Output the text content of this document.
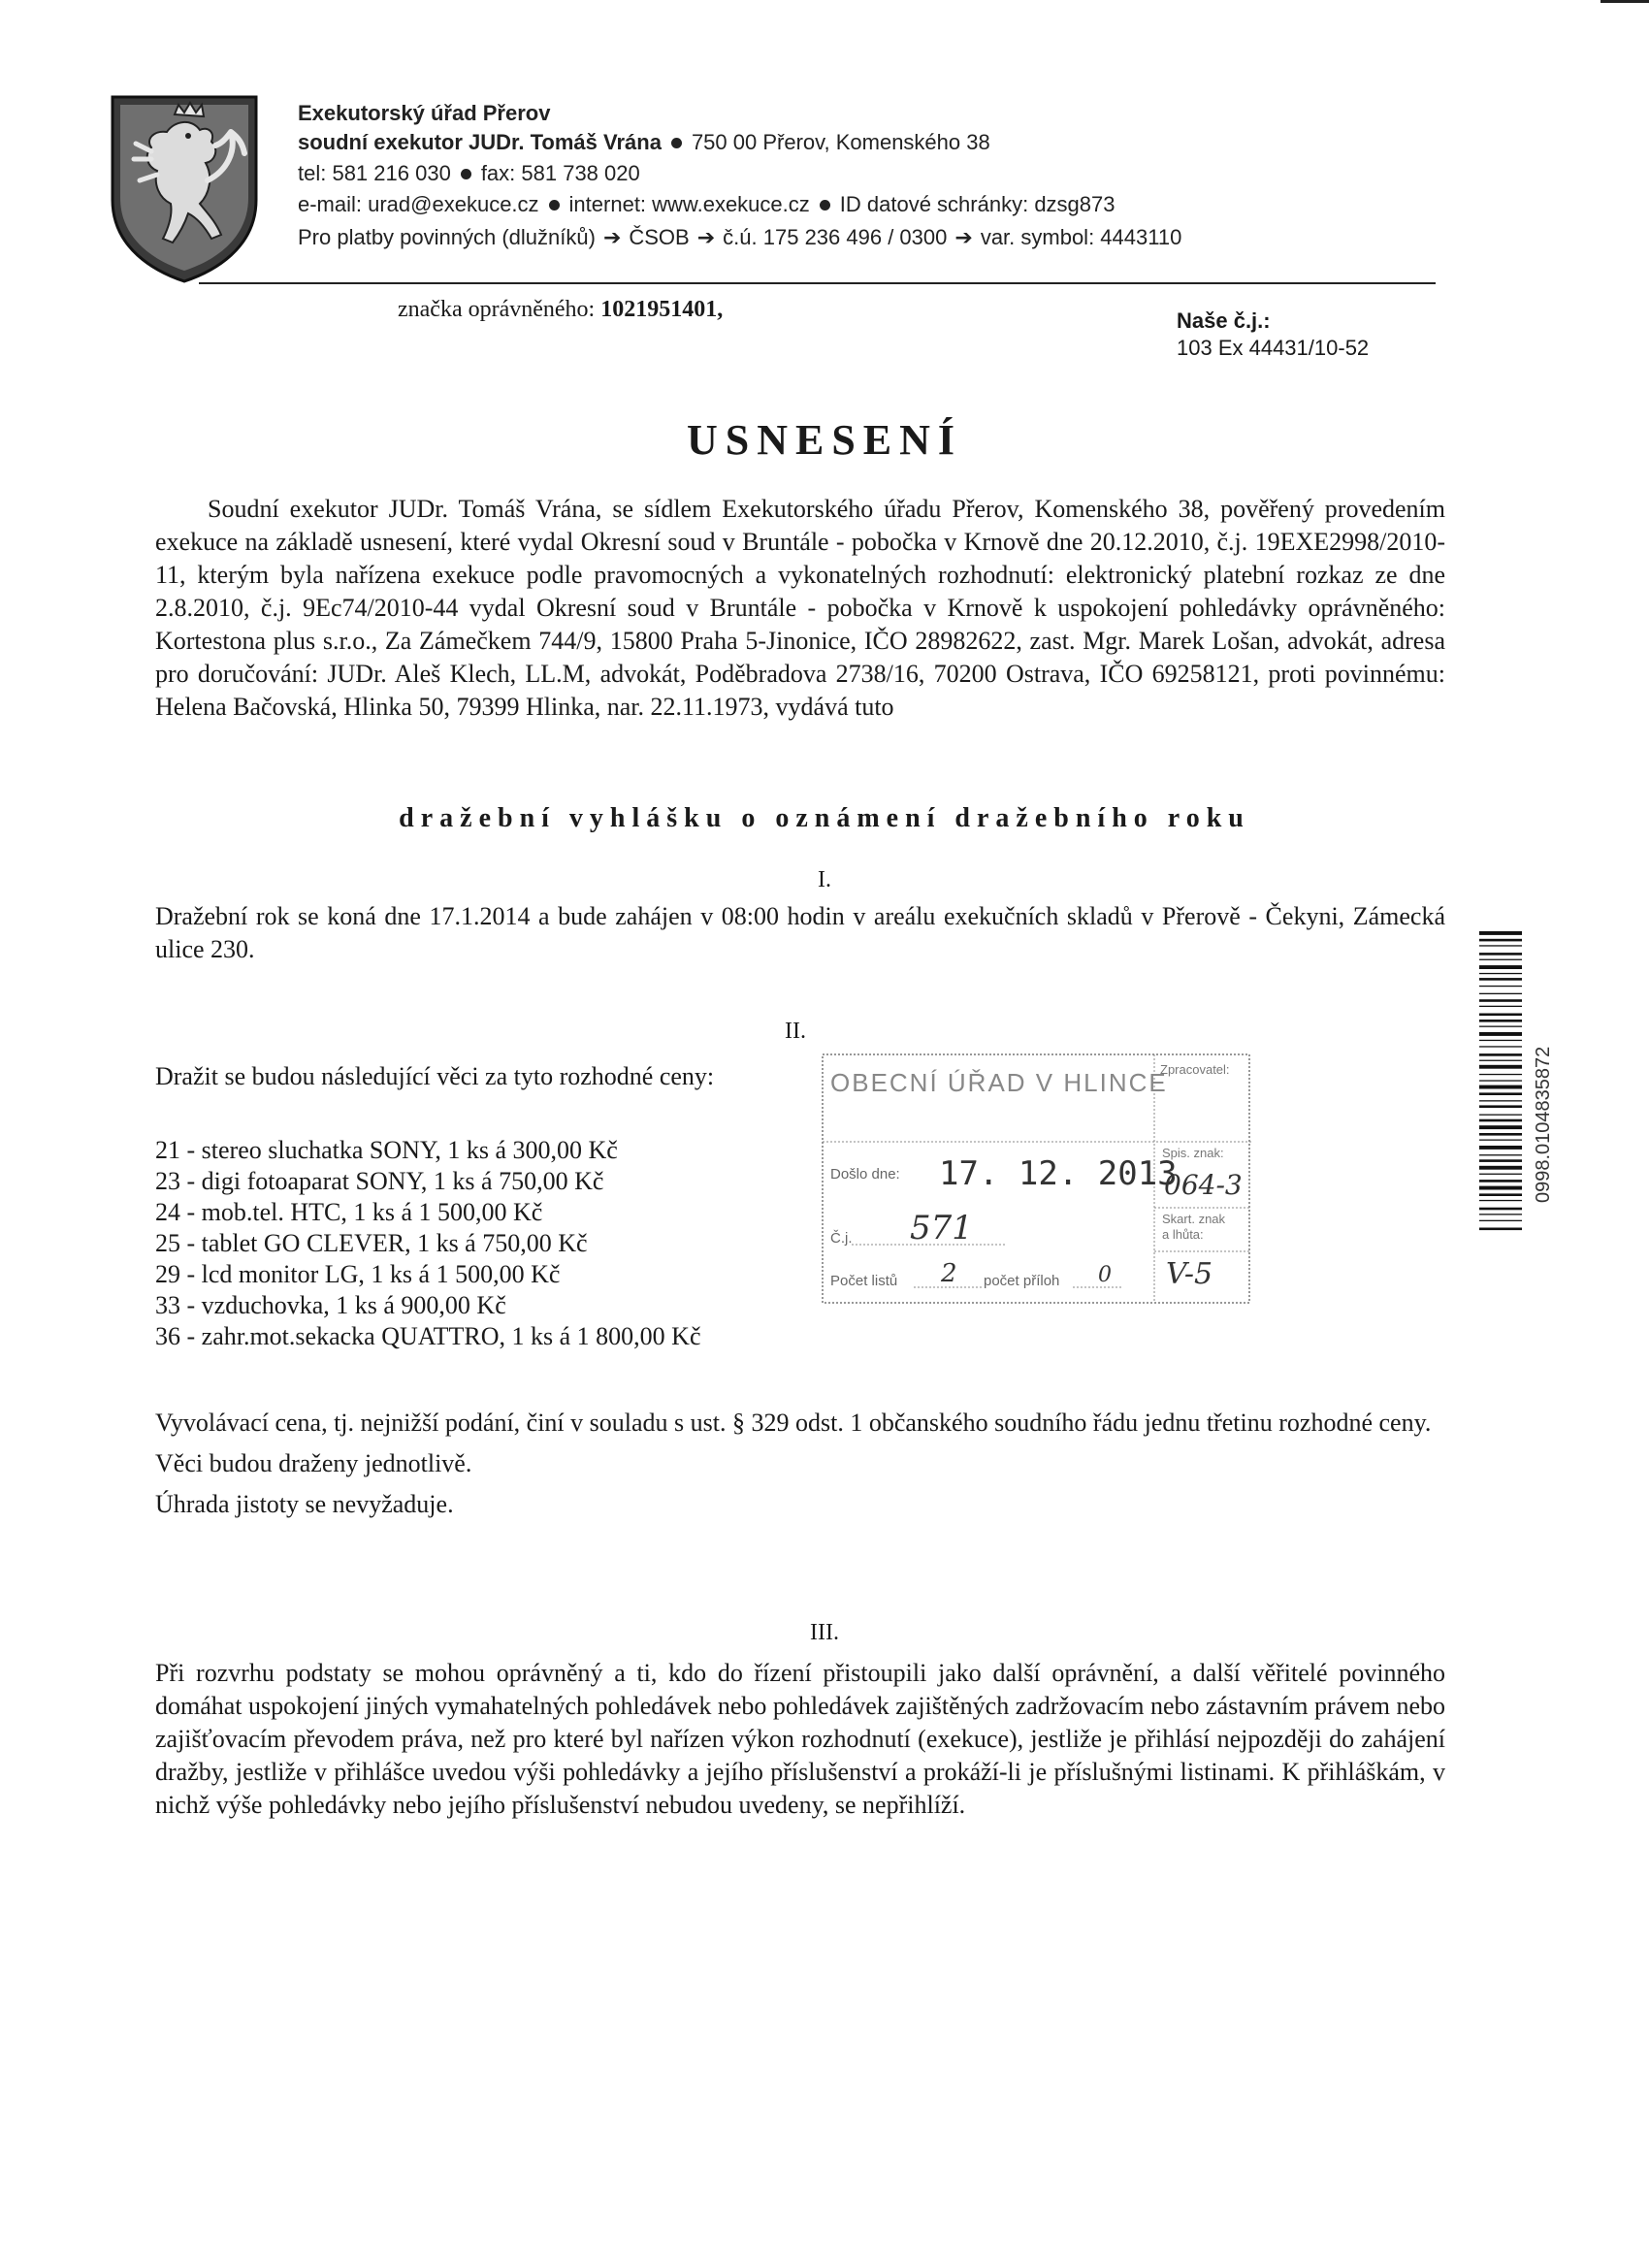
Exekutorský úřad Přerov
soudní exekutor JUDr. Tomáš Vrána 750 00 Přerov, Komenského 38
tel: 581 216 030 fax: 581 738 020
e-mail: urad@exekuce.cz internet: www.exekuce.cz ID datové schránky: dzsg873
Pro platby povinných (dlužníků) ➔ ČSOB ➔ č.ú. 175 236 496 / 0300 ➔ var. symbol: 4443110
značka oprávněného: 1021951401,	Naše č.j.:
103 Ex 44431/10-52
USNESENÍ

Soudní exekutor JUDr. Tomáš Vrána, se sídlem Exekutorského úřadu Přerov, Komenského 38, pověřený provedením exekuce na základě usnesení, které vydal Okresní soud v Bruntále - pobočka v Krnově dne 20.12.2010, č.j. 19EXE2998/2010-11, kterým byla nařízena exekuce podle pravomocných a vykonatelných rozhodnutí: elektronický platební rozkaz ze dne 2.8.2010, č.j. 9Ec74/2010-44 vydal Okresní soud v Bruntále - pobočka v Krnově k uspokojení pohledávky oprávněného: Kortestona plus s.r.o., Za Zámečkem 744/9, 15800 Praha 5-Jinonice, IČO 28982622, zast. Mgr. Marek Lošan, advokát, adresa pro doručování: JUDr. Aleš Klech, LL.M, advokát, Poděbradova 2738/16, 70200 Ostrava, IČO 69258121, proti povinnému: Helena Bačovská, Hlinka 50, 79399 Hlinka, nar. 22.11.1973, vydává tuto

dražební vyhlášku o oznámení dražebního roku
I.

Dražební rok se koná dne 17.1.2014 a bude zahájen v 08:00 hodin v areálu exekučních skladů v Přerově - Čekyni, Zámecká ulice 230.

II.
Dražit se budou následující věci za tyto rozhodné ceny:
21 - stereo sluchatka SONY, 1 ks á 300,00 Kč
23 - digi fotoaparat SONY, 1 ks á 750,00 Kč
24 - mob.tel. HTC, 1 ks á 1 500,00 Kč
25 - tablet GO CLEVER, 1 ks á 750,00 Kč
29 - lcd monitor LG, 1 ks á 1 500,00 Kč
33 - vzduchovka, 1 ks á 900,00 Kč
36 - zahr.mot.sekacka QUATTRO, 1 ks á 1 800,00 Kč

Vyvolávací cena, tj. nejnižší podání, činí v souladu s ust. § 329 odst. 1 občanského soudního řádu jednu třetinu rozhodné ceny.

Věci budou draženy jednotlivě.

Úhrada jistoty se nevyžaduje.

III.

Při rozvrhu podstaty se mohou oprávněný a ti, kdo do řízení přistoupili jako další oprávnění, a další věřitelé povinného domáhat uspokojení jiných vymahatelných pohledávek nebo pohledávek zajištěných zadržovacím nebo zástavním právem nebo zajišťovacím převodem práva, než pro které byl nařízen výkon rozhodnutí (exekuce), jestliže je přihlásí nejpozději do zahájení dražby, jestliže v přihlášce uvedou výši pohledávky a jejího příslušenství a prokáží-li je příslušnými listinami. K přihláškám, v nichž výše pohledávky nebo jejího příslušenství nebudou uvedeny, se nepřihlíží.

OBECNÍ ÚŘAD V HLINCE
Zpracovatel:
Došlo dne: 17. 12. 2013
Č.j. 571
Počet listů 2 počet příloh 0
Spis. znak:
064-3
Skart. znak
a lhůta:
V-5
0998.0104835872
